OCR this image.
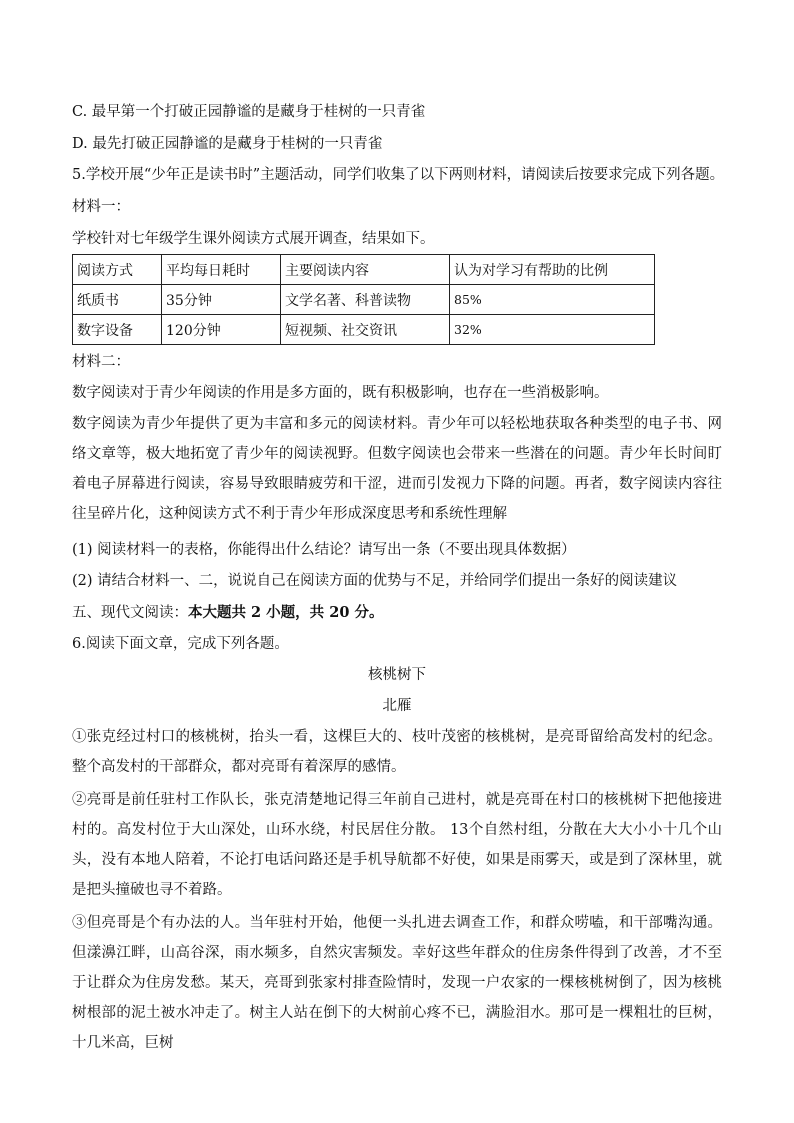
C. 最早第一个打破正园静谧的是藏身于桂树的一只青雀
D. 最先打破正园静谧的是藏身于桂树的一只青雀
5.学校开展“少年正是读书时”主题活动，同学们收集了以下两则材料，请阅读后按要求完成下列各题。
材料一：
学校针对七年级学生课外阅读方式展开调查，结果如下。
阅读方式	平均每日耗时	主要阅读内容	认为对学习有帮助的比例
纸质书	35分钟	文学名著、科普读物	85%
数字设备	120分钟	短视频、社交资讯	32%
材料二：
数字阅读对于青少年阅读的作用是多方面的，既有积极影响，也存在一些消极影响。
数字阅读为青少年提供了更为丰富和多元的阅读材料。青少年可以轻松地获取各种类型的电子书、网络文章等，极大地拓宽了青少年的阅读视野。但数字阅读也会带来一些潜在的问题。青少年长时间盯着电子屏幕进行阅读，容易导致眼睛疲劳和干涩，进而引发视力下降的问题。再者，数字阅读内容往往呈碎片化，这种阅读方式不利于青少年形成深度思考和系统性理解
(1) 阅读材料一的表格，你能得出什么结论？请写出一条（不要出现具体数据）
(2) 请结合材料一、二，说说自己在阅读方面的优势与不足，并给同学们提出一条好的阅读建议
五、现代文阅读：本大题共 2 小题，共 20 分。
6.阅读下面文章，完成下列各题。
核桃树下
北雁
①张克经过村口的核桃树，抬头一看，这棵巨大的、枝叶茂密的核桃树，是亮哥留给高发村的纪念。整个高发村的干部群众，都对亮哥有着深厚的感情。
②亮哥是前任驻村工作队长，张克清楚地记得三年前自己进村，就是亮哥在村口的核桃树下把他接进村的。高发村位于大山深处，山环水绕，村民居住分散。 13个自然村组，分散在大大小小十几个山头，没有本地人陪着，不论打电话问路还是手机导航都不好使，如果是雨雾天，或是到了深林里，就是把头撞破也寻不着路。
③但亮哥是个有办法的人。当年驻村开始，他便一头扎进去调查工作，和群众唠嗑，和干部嘴沟通。但漾濞江畔，山高谷深，雨水频多，自然灾害频发。幸好这些年群众的住房条件得到了改善，才不至于让群众为住房发愁。某天，亮哥到张家村排查险情时，发现一户农家的一棵核桃树倒了，因为核桃树根部的泥土被水冲走了。树主人站在倒下的大树前心疼不已，满脸泪水。那可是一棵粗壮的巨树，十几米高，巨树
